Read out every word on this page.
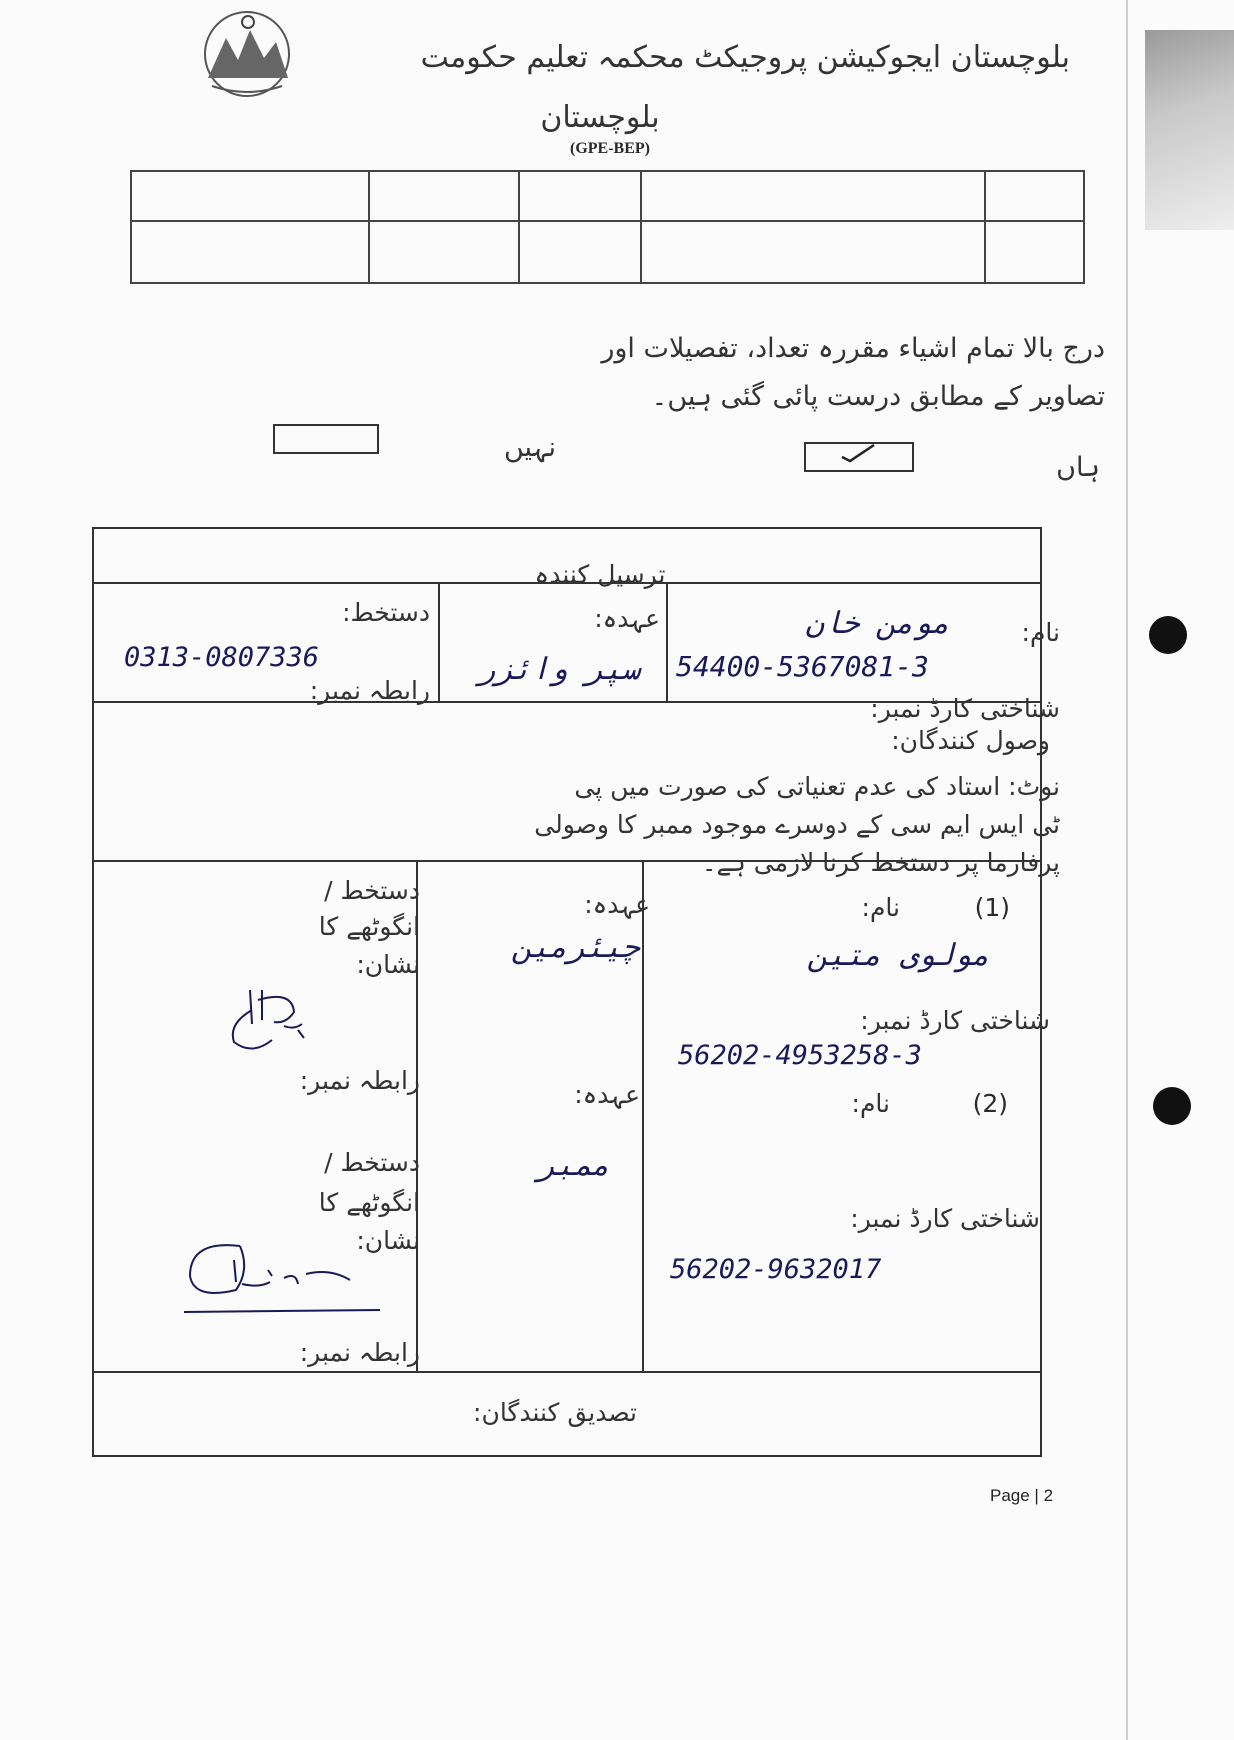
بلوچستان ایجوکیشن پروجیکٹ محکمہ تعلیم حکومت
بلوچستان
(GPE-BEP)
درج بالا تمام اشیاء مقررہ تعداد، تفصیلات اور
تصاویر کے مطابق درست پائی گئی ہیں۔
نہیں
ہاں
ترسیل کنندہ
نام:
مومن خان
54400-5367081-3
شناختی کارڈ نمبر:
عہدہ:
سپر وائزر
دستخط:
0313-0807336
رابطہ نمبر:
وصول کنندگان:
نوٹ: استاد کی عدم تعنیاتی کی صورت میں پی
ٹی ایس ایم سی کے دوسرے موجود ممبر کا وصولی
پرفارما پر دستخط کرنا لازمی ہے۔
(1)
نام:
مولوی متین
شناختی کارڈ نمبر:
56202-4953258-3
عہدہ:
چیئرمین
دستخط /
انگوٹھے کا
نشان:
رابطہ نمبر:
(2)
نام:
شناختی کارڈ نمبر:
56202-9632017
عہدہ:
ممبر
دستخط /
انگوٹھے کا
نشان:
رابطہ نمبر:
تصدیق کنندگان:
Page | 2
